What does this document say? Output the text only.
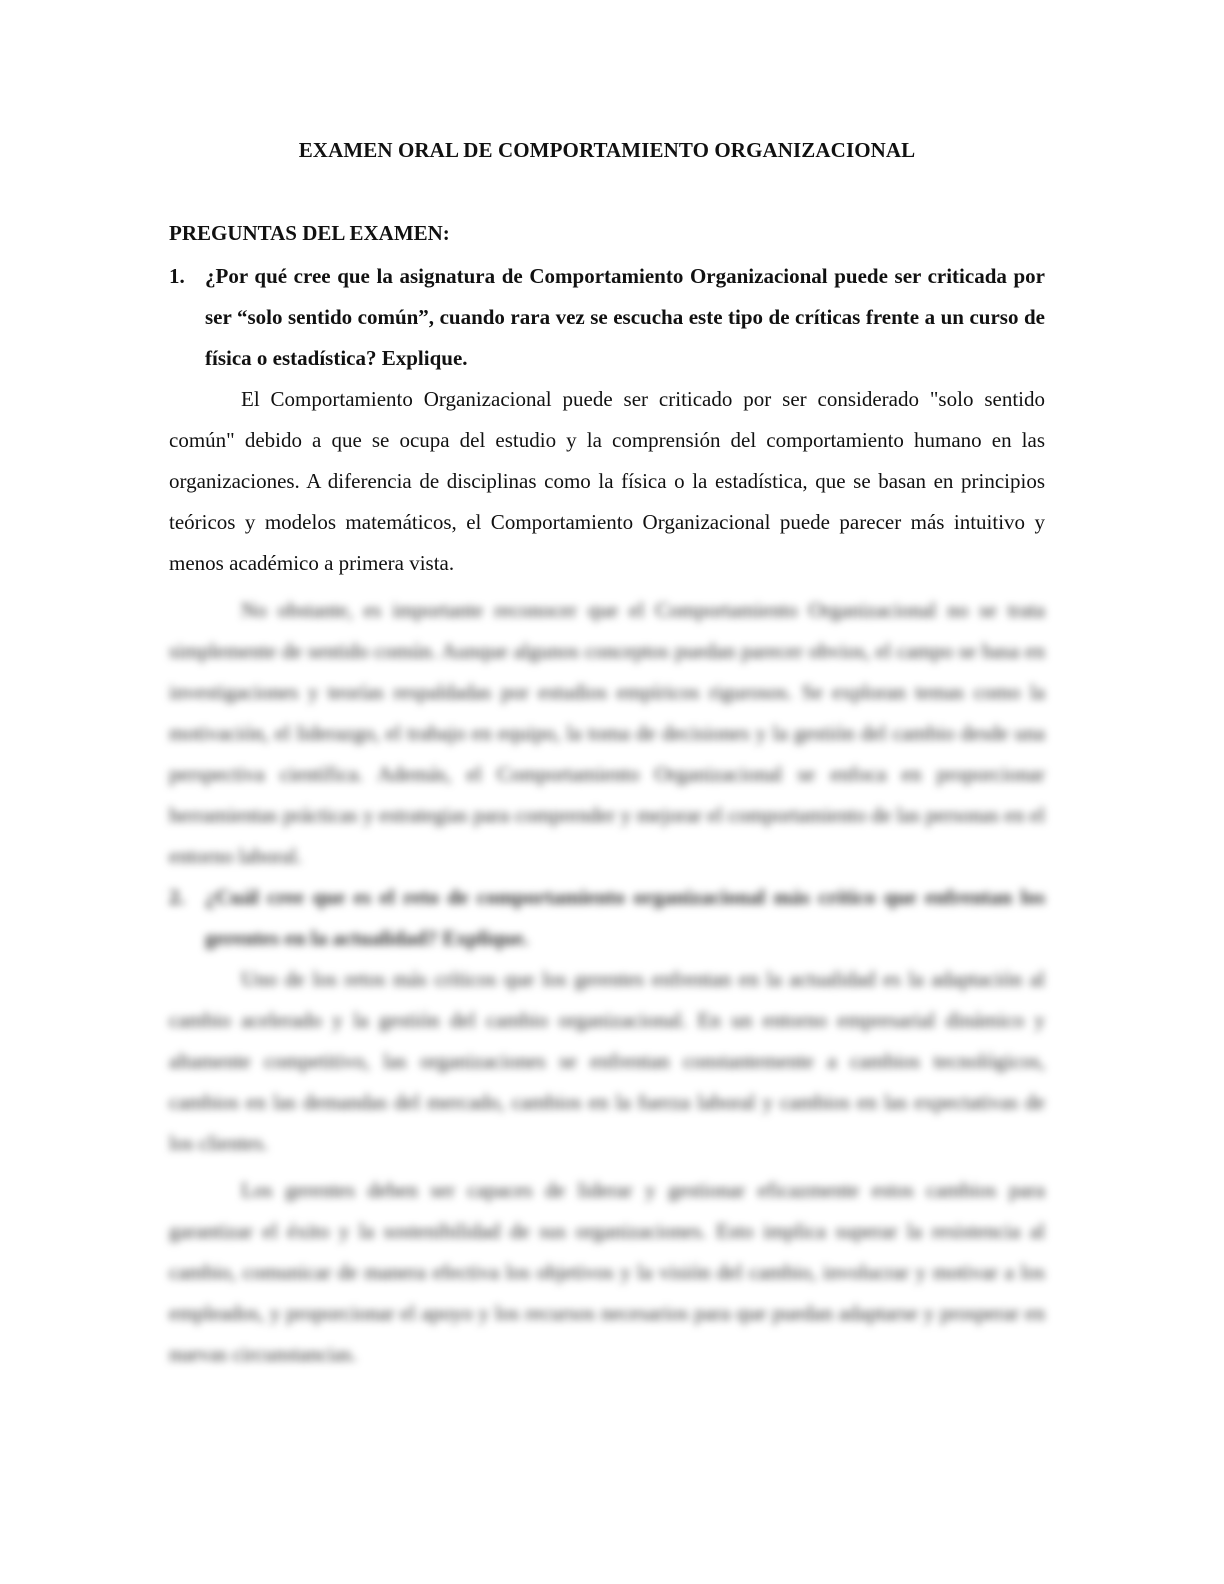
EXAMEN ORAL DE COMPORTAMIENTO ORGANIZACIONAL
PREGUNTAS DEL EXAMEN:
1. ¿Por qué cree que la asignatura de Comportamiento Organizacional puede ser criticada por ser “solo sentido común”, cuando rara vez se escucha este tipo de críticas frente a un curso de física o estadística? Explique.

El Comportamiento Organizacional puede ser criticado por ser considerado "solo sentido común" debido a que se ocupa del estudio y la comprensión del comportamiento humano en las organizaciones. A diferencia de disciplinas como la física o la estadística, que se basan en principios teóricos y modelos matemáticos, el Comportamiento Organizacional puede parecer más intuitivo y menos académico a primera vista.

No obstante, es importante reconocer que el Comportamiento Organizacional no se trata simplemente de sentido común. Aunque algunos conceptos puedan parecer obvios, el campo se basa en investigaciones y teorías respaldadas por estudios empíricos rigurosos. Se exploran temas como la motivación, el liderazgo, el trabajo en equipo, la toma de decisiones y la gestión del cambio desde una perspectiva científica. Además, el Comportamiento Organizacional se enfoca en proporcionar herramientas prácticas y estrategias para comprender y mejorar el comportamiento de las personas en el entorno laboral.

2. ¿Cuál cree que es el reto de comportamiento organizacional más crítico que enfrentan los gerentes en la actualidad? Explique.

Uno de los retos más críticos que los gerentes enfrentan en la actualidad es la adaptación al cambio acelerado y la gestión del cambio organizacional. En un entorno empresarial dinámico y altamente competitivo, las organizaciones se enfrentan constantemente a cambios tecnológicos, cambios en las demandas del mercado, cambios en la fuerza laboral y cambios en las expectativas de los clientes.

Los gerentes deben ser capaces de liderar y gestionar eficazmente estos cambios para garantizar el éxito y la sostenibilidad de sus organizaciones. Esto implica superar la resistencia al cambio, comunicar de manera efectiva los objetivos y la visión del cambio, involucrar y motivar a los empleados, y proporcionar el apoyo y los recursos necesarios para que puedan adaptarse y prosperar en nuevas circunstancias.
